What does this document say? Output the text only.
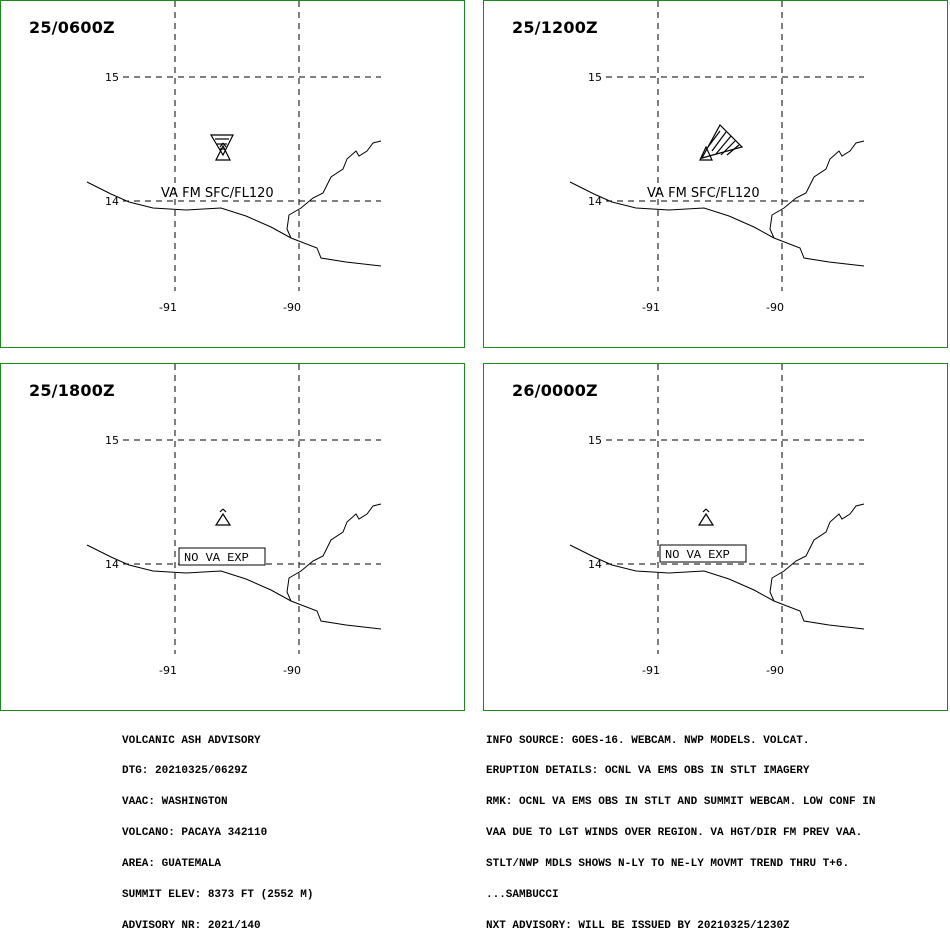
25/0600Z
15
14
-91	-90
VA FM SFC/FL120
25/1200Z
15
14
-91	-90
VA FM SFC/FL120
25/1800Z
15
14
-91	-90
NO VA EXP
26/0000Z
15
14
-91	-90
NO VA EXP

VOLCANIC ASH ADVISORY

DTG: 20210325/0629Z

VAAC: WASHINGTON

VOLCANO: PACAYA 342110

AREA: GUATEMALA

SUMMIT ELEV: 8373 FT (2552 M)

ADVISORY NR: 2021/140

INFO SOURCE: GOES-16. WEBCAM. NWP MODELS. VOLCAT.

ERUPTION DETAILS: OCNL VA EMS OBS IN STLT IMAGERY

RMK: OCNL VA EMS OBS IN STLT AND SUMMIT WEBCAM. LOW CONF IN

VAA DUE TO LGT WINDS OVER REGION. VA HGT/DIR FM PREV VAA.

STLT/NWP MDLS SHOWS N-LY TO NE-LY MOVMT TREND THRU T+6.

...SAMBUCCI

NXT ADVISORY: WILL BE ISSUED BY 20210325/1230Z
